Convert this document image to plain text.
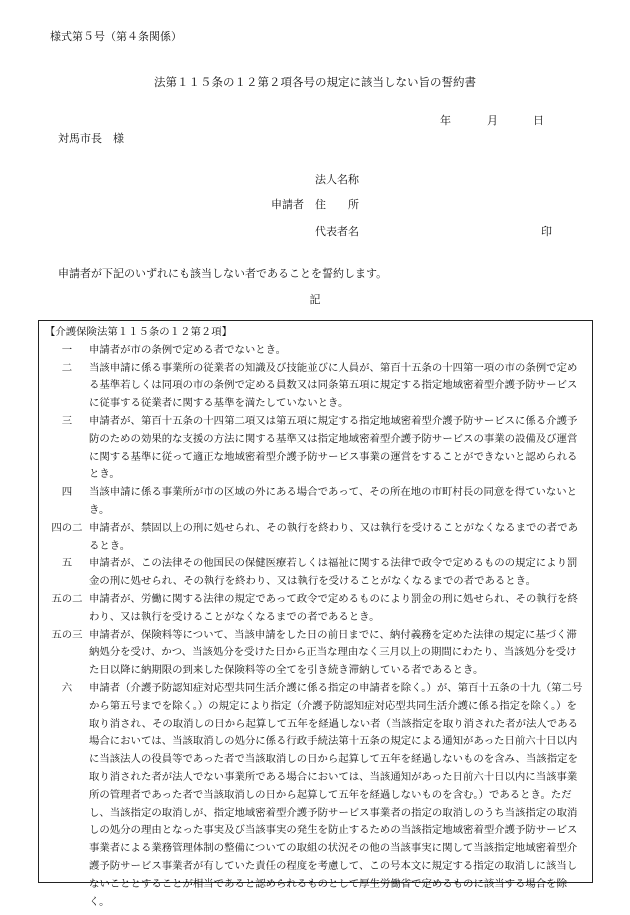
様式第５号（第４条関係）
法第１１５条の１２第２項各号の規定に該当しない旨の誓約書
年	月	日
対馬市長　様
法人名称
申請者 住　　所
代表者名	印
申請者が下記のいずれにも該当しない者であることを誓約します。
記
【介護保険法第１１５条の１２第２項】
一	申請者が市の条例で定める者でないとき。
二	当該申請に係る事業所の従業者の知識及び技能並びに人員が、第百十五条の十四第一項の市の条例で定める基準若しくは同項の市の条例で定める員数又は同条第五項に規定する指定地域密着型介護予防サービスに従事する従業者に関する基準を満たしていないとき。
三	申請者が、第百十五条の十四第二項又は第五項に規定する指定地域密着型介護予防サービスに係る介護予防のための効果的な支援の方法に関する基準又は指定地域密着型介護予防サービスの事業の設備及び運営に関する基準に従って適正な地域密着型介護予防サービス事業の運営をすることができないと認められるとき。
四	当該申請に係る事業所が市の区域の外にある場合であって、その所在地の市町村長の同意を得ていないとき。
四の二 申請者が、禁固以上の刑に処せられ、その執行を終わり、又は執行を受けることがなくなるまでの者であるとき。
五	申請者が、この法律その他国民の保健医療若しくは福祉に関する法律で政令で定めるものの規定により罰金の刑に処せられ、その執行を終わり、又は執行を受けることがなくなるまでの者であるとき。
五の二 申請者が、労働に関する法律の規定であって政令で定めるものにより罰金の刑に処せられ、その執行を終わり、又は執行を受けることがなくなるまでの者であるとき。
五の三 申請者が、保険料等について、当該申請をした日の前日までに、納付義務を定めた法律の規定に基づく滞納処分を受け、かつ、当該処分を受けた日から正当な理由なく三月以上の期間にわたり、当該処分を受けた日以降に納期限の到来した保険料等の全てを引き続き滞納している者であるとき。
六	申請者（介護予防認知症対応型共同生活介護に係る指定の申請者を除く。）が、第百十五条の十九（第二号から第五号までを除く。）の規定により指定（介護予防認知症対応型共同生活介護に係る指定を除く。）を取り消され、その取消しの日から起算して五年を経過しない者（当該指定を取り消された者が法人である場合においては、当該取消しの処分に係る行政手続法第十五条の規定による通知があった日前六十日以内に当該法人の役員等であった者で当該取消しの日から起算して五年を経過しないものを含み、当該指定を取り消された者が法人でない事業所である場合においては、当該通知があった日前六十日以内に当該事業所の管理者であった者で当該取消しの日から起算して五年を経過しないものを含む。）であるとき。ただし、当該指定の取消しが、指定地域密着型介護予防サービス事業者の指定の取消しのうち当該指定の取消しの処分の理由となった事実及び当該事実の発生を防止するための当該指定地域密着型介護予防サービス事業者による業務管理体制の整備についての取組の状況その他の当該事実に関して当該指定地域密着型介護予防サービス事業者が有していた責任の程度を考慮して、この号本文に規定する指定の取消しに該当しないこととすることが相当であると認められるものとして厚生労働省で定めるものに該当する場合を除く。
